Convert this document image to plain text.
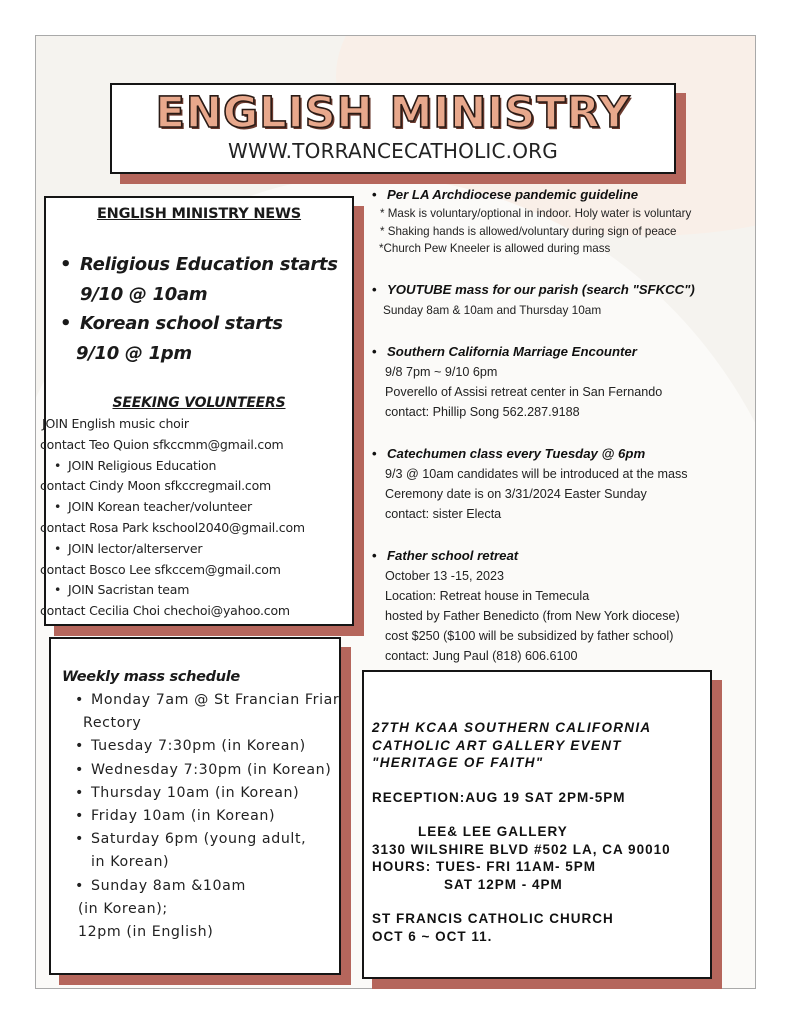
ENGLISH MINISTRY
WWW.TORRANCECATHOLIC.ORG
ENGLISH MINISTRY NEWS
• Religious Education starts
9/10 @ 10am
• Korean school starts
9/10 @ 1pm
SEEKING VOLUNTEERS
JOIN English music choir
contact Teo Quion sfkccmm@gmail.com
• JOIN Religious Education
contact Cindy Moon sfkccregmail.com
• JOIN Korean teacher/volunteer
contact Rosa Park kschool2040@gmail.com
• JOIN lector/alterserver
contact Bosco Lee sfkccem@gmail.com
• JOIN Sacristan team
contact Cecilia Choi chechoi@yahoo.com
Weekly mass schedule
• Monday 7am @ St Francian Friar
Rectory
• Tuesday 7:30pm (in Korean)
• Wednesday 7:30pm (in Korean)
• Thursday 10am (in Korean)
• Friday 10am (in Korean)
• Saturday 6pm (young adult,
in Korean)
• Sunday 8am &10am
(in Korean);
12pm (in English)
• Per LA Archdiocese pandemic guideline
* Mask is voluntary/optional in indoor. Holy water is voluntary
* Shaking hands is allowed/voluntary during sign of peace
*Church Pew Kneeler is allowed during mass
• YOUTUBE mass for our parish (search "SFKCC")
Sunday 8am & 10am and Thursday 10am
• Southern California Marriage Encounter
9/8 7pm ~ 9/10 6pm
Poverello of Assisi retreat center in San Fernando
contact: Phillip Song 562.287.9188
• Catechumen class every Tuesday @ 6pm
9/3 @ 10am candidates will be introduced at the mass
Ceremony date is on 3/31/2024 Easter Sunday
contact: sister Electa
• Father school retreat
October 13 -15, 2023
Location: Retreat house in Temecula
hosted by Father Benedicto (from New York diocese)
cost $250 ($100 will be subsidized by father school)
contact: Jung Paul (818) 606.6100
27TH KCAA SOUTHERN CALIFORNIA
CATHOLIC ART GALLERY EVENT
"HERITAGE OF FAITH"
RECEPTION:AUG 19 SAT 2PM-5PM
LEE& LEE GALLERY
3130 WILSHIRE BLVD #502 LA, CA 90010
HOURS: TUES- FRI 11AM- 5PM
SAT 12PM - 4PM
ST FRANCIS CATHOLIC CHURCH
OCT 6 ~ OCT 11.
